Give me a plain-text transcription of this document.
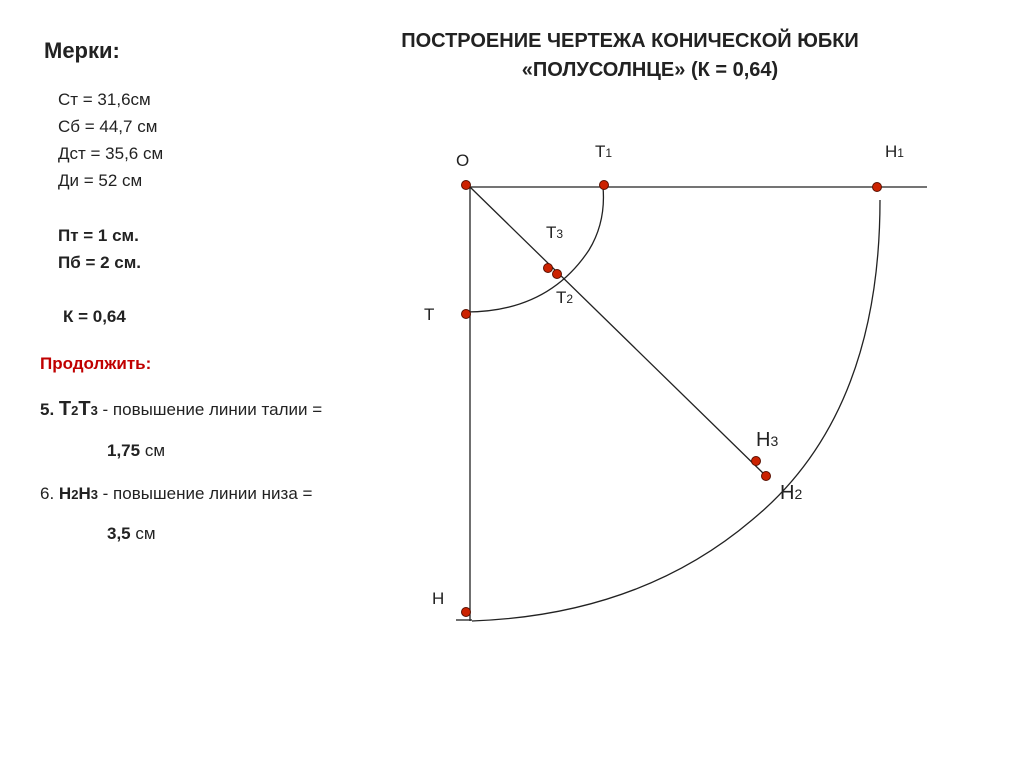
Мерки:	ПОСТРОЕНИЕ ЧЕРТЕЖА КОНИЧЕСКОЙ ЮБКИ
«ПОЛУСОЛНЦЕ» (К = 0,64)
Ст = 31,6см
Сб = 44,7 см
Дст = 35,6 см
Ди = 52 см
Пт = 1 см.
Пб = 2 см.
К = 0,64
Продолжить:
5. Т2Т3 - повышение линии талии =
1,75 см
6. Н2Н3 - повышение линии низа =
3,5 см
О	Т1	Н1
Т3
Т2
Т
Н3
Н2
Н
